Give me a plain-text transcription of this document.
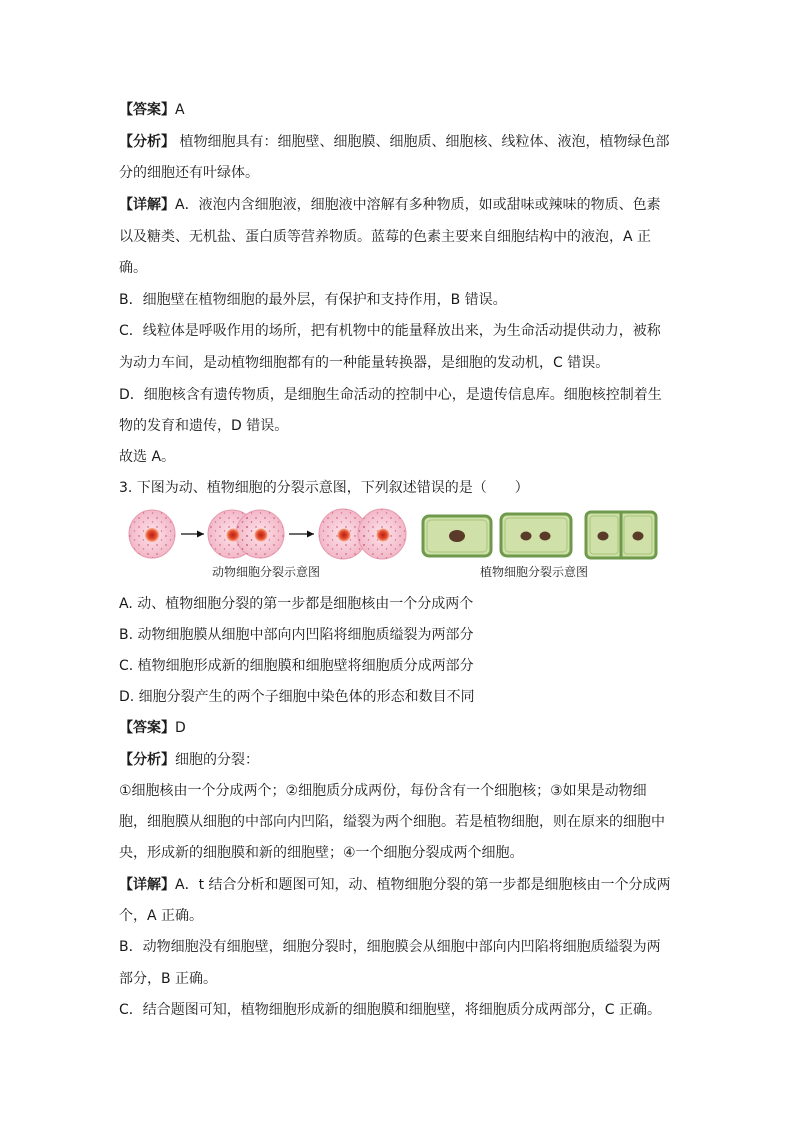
【答案】A
【分析】 植物细胞具有：细胞壁、细胞膜、细胞质、细胞核、线粒体、液泡，植物绿色部
分的细胞还有叶绿体。
【详解】A．液泡内含细胞液，细胞液中溶解有多种物质，如或甜味或辣味的物质、色素
以及糖类、无机盐、蛋白质等营养物质。蓝莓的色素主要来自细胞结构中的液泡，A 正
确。
B．细胞壁在植物细胞的最外层，有保护和支持作用，B 错误。
C．线粒体是呼吸作用的场所，把有机物中的能量释放出来，为生命活动提供动力，被称
为动力车间，是动植物细胞都有的一种能量转换器，是细胞的发动机，C 错误。
D．细胞核含有遗传物质，是细胞生命活动的控制中心，是遗传信息库。细胞核控制着生
物的发育和遗传，D 错误。
故选 A。
3. 下图为动、植物细胞的分裂示意图，下列叙述错误的是（　　）
动物细胞分裂示意图	植物细胞分裂示意图
A. 动、植物细胞分裂的第一步都是细胞核由一个分成两个
B. 动物细胞膜从细胞中部向内凹陷将细胞质缢裂为两部分
C. 植物细胞形成新的细胞膜和细胞壁将细胞质分成两部分
D. 细胞分裂产生的两个子细胞中染色体的形态和数目不同
【答案】D
【分析】细胞的分裂：
①细胞核由一个分成两个；②细胞质分成两份，每份含有一个细胞核；③如果是动物细
胞，细胞膜从细胞的中部向内凹陷，缢裂为两个细胞。若是植物细胞，则在原来的细胞中
央，形成新的细胞膜和新的细胞壁；④一个细胞分裂成两个细胞。
【详解】A．t 结合分析和题图可知，动、植物细胞分裂的第一步都是细胞核由一个分成两
个，A 正确。
B．动物细胞没有细胞壁，细胞分裂时，细胞膜会从细胞中部向内凹陷将细胞质缢裂为两
部分，B 正确。
C．结合题图可知，植物细胞形成新的细胞膜和细胞壁，将细胞质分成两部分，C 正确。
